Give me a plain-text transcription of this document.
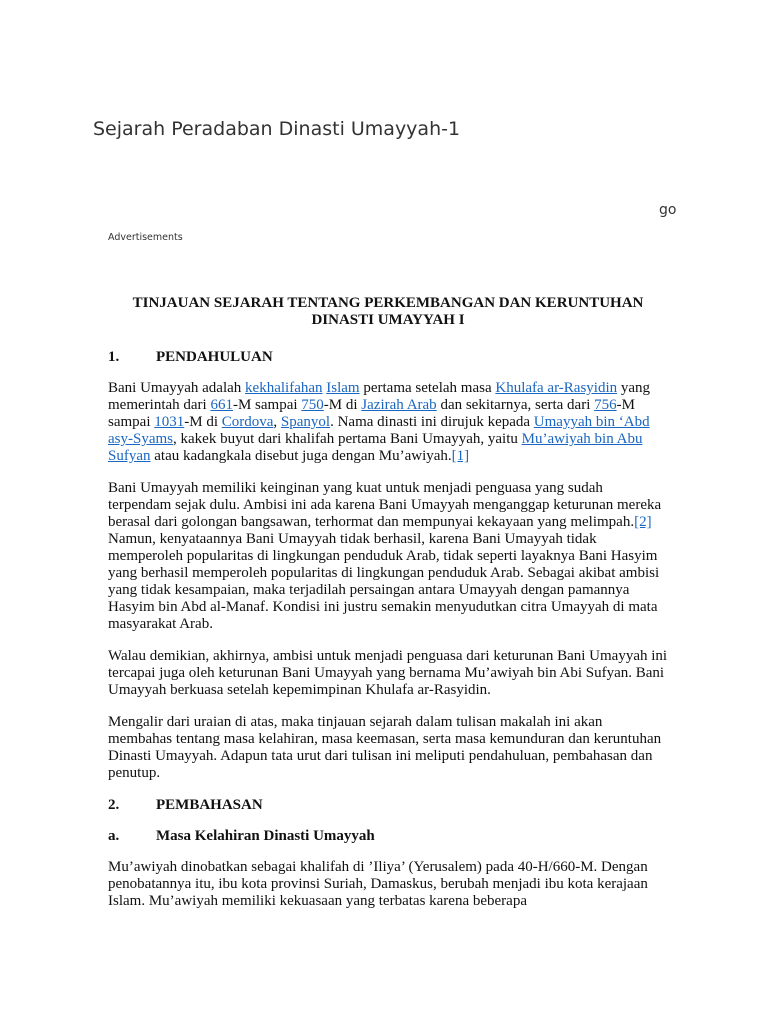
Sejarah Peradaban Dinasti Umayyah-1
go
Advertisements
TINJAUAN SEJARAH TENTANG PERKEMBANGAN DAN KERUNTUHAN
DINASTI UMAYYAH I
1.	PENDAHULUAN

Bani Umayyah adalah kekhalifahan Islam pertama setelah masa Khulafa ar-Rasyidin yang memerintah dari 661-M sampai 750-M di Jazirah Arab dan sekitarnya, serta dari 756-M sampai 1031-M di Cordova, Spanyol. Nama dinasti ini dirujuk kepada Umayyah bin ‘Abd asy-Syams, kakek buyut dari khalifah pertama Bani Umayyah, yaitu Mu’awiyah bin Abu Sufyan atau kadangkala disebut juga dengan Mu’awiyah.[1]

Bani Umayyah memiliki keinginan yang kuat untuk menjadi penguasa yang sudah terpendam sejak dulu. Ambisi ini ada karena Bani Umayyah menganggap keturunan mereka berasal dari golongan bangsawan, terhormat dan mempunyai kekayaan yang melimpah.[2] Namun, kenyataannya Bani Umayyah tidak berhasil, karena Bani Umayyah tidak memperoleh popularitas di lingkungan penduduk Arab, tidak seperti layaknya Bani Hasyim yang berhasil memperoleh popularitas di lingkungan penduduk Arab. Sebagai akibat ambisi yang tidak kesampaian, maka terjadilah persaingan antara Umayyah dengan pamannya Hasyim bin Abd al-Manaf. Kondisi ini justru semakin menyudutkan citra Umayyah di mata masyarakat Arab.

Walau demikian, akhirnya, ambisi untuk menjadi penguasa dari keturunan Bani Umayyah ini tercapai juga oleh keturunan Bani Umayyah yang bernama Mu’awiyah bin Abi Sufyan. Bani Umayyah berkuasa setelah kepemimpinan Khulafa ar-Rasyidin.

Mengalir dari uraian di atas, maka tinjauan sejarah dalam tulisan makalah ini akan membahas tentang masa kelahiran, masa keemasan, serta masa kemunduran dan keruntuhan Dinasti Umayyah. Adapun tata urut dari tulisan ini meliputi pendahuluan, pembahasan dan penutup.

2.	PEMBAHASAN
a.	Masa Kelahiran Dinasti Umayyah

Mu’awiyah dinobatkan sebagai khalifah di ’Iliya’ (Yerusalem) pada 40-H/660-M. Dengan penobatannya itu, ibu kota provinsi Suriah, Damaskus, berubah menjadi ibu kota kerajaan Islam. Mu’awiyah memiliki kekuasaan yang terbatas karena beberapa
